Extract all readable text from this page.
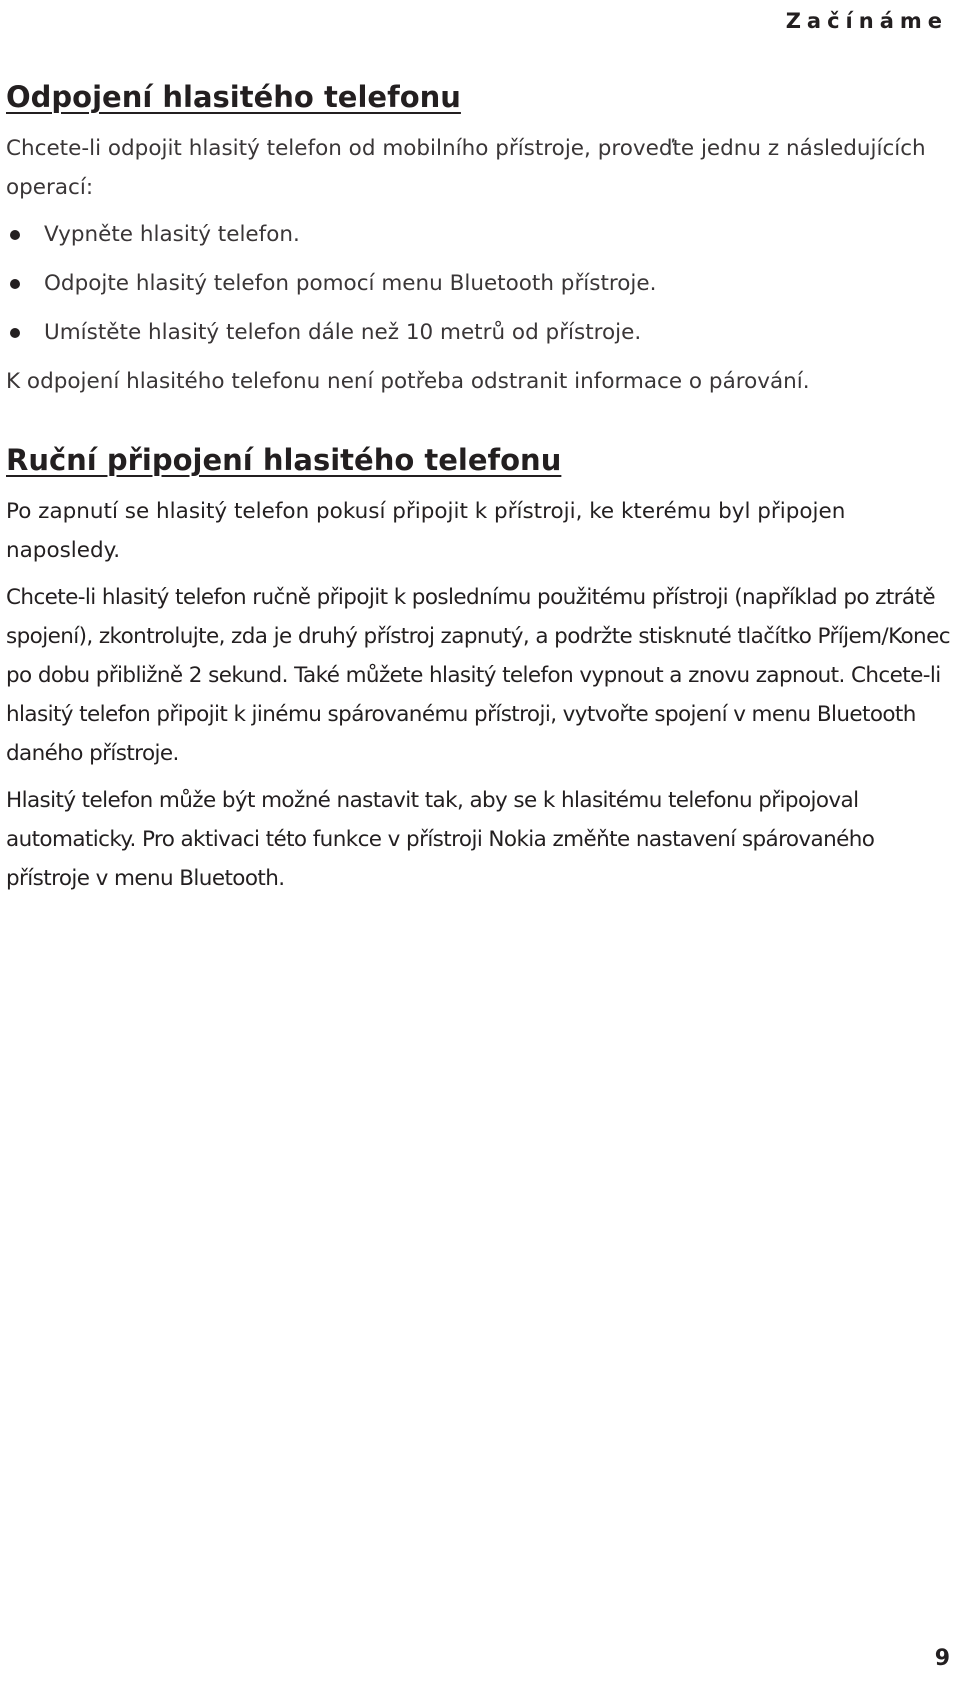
Začínáme

Odpojení hlasitého telefonu

Chcete-li odpojit hlasitý telefon od mobilního přístroje, proveďte jednu z následujících operací:

Vypněte hlasitý telefon.
Odpojte hlasitý telefon pomocí menu Bluetooth přístroje.
Umístěte hlasitý telefon dále než 10 metrů od přístroje.

K odpojení hlasitého telefonu není potřeba odstranit informace o párování.

Ruční připojení hlasitého telefonu

Po zapnutí se hlasitý telefon pokusí připojit k přístroji, ke kterému byl připojen naposledy.

Chcete-li hlasitý telefon ručně připojit k poslednímu použitému přístroji (například po ztrátě spojení), zkontrolujte, zda je druhý přístroj zapnutý, a podržte stisknuté tlačítko Příjem/Konec po dobu přibližně 2 sekund. Také můžete hlasitý telefon vypnout a znovu zapnout. Chcete-li hlasitý telefon připojit k jinému spárovanému přístroji, vytvořte spojení v menu Bluetooth daného přístroje.

Hlasitý telefon může být možné nastavit tak, aby se k hlasitému telefonu připojoval automaticky. Pro aktivaci této funkce v přístroji Nokia změňte nastavení spárovaného přístroje v menu Bluetooth.

9
